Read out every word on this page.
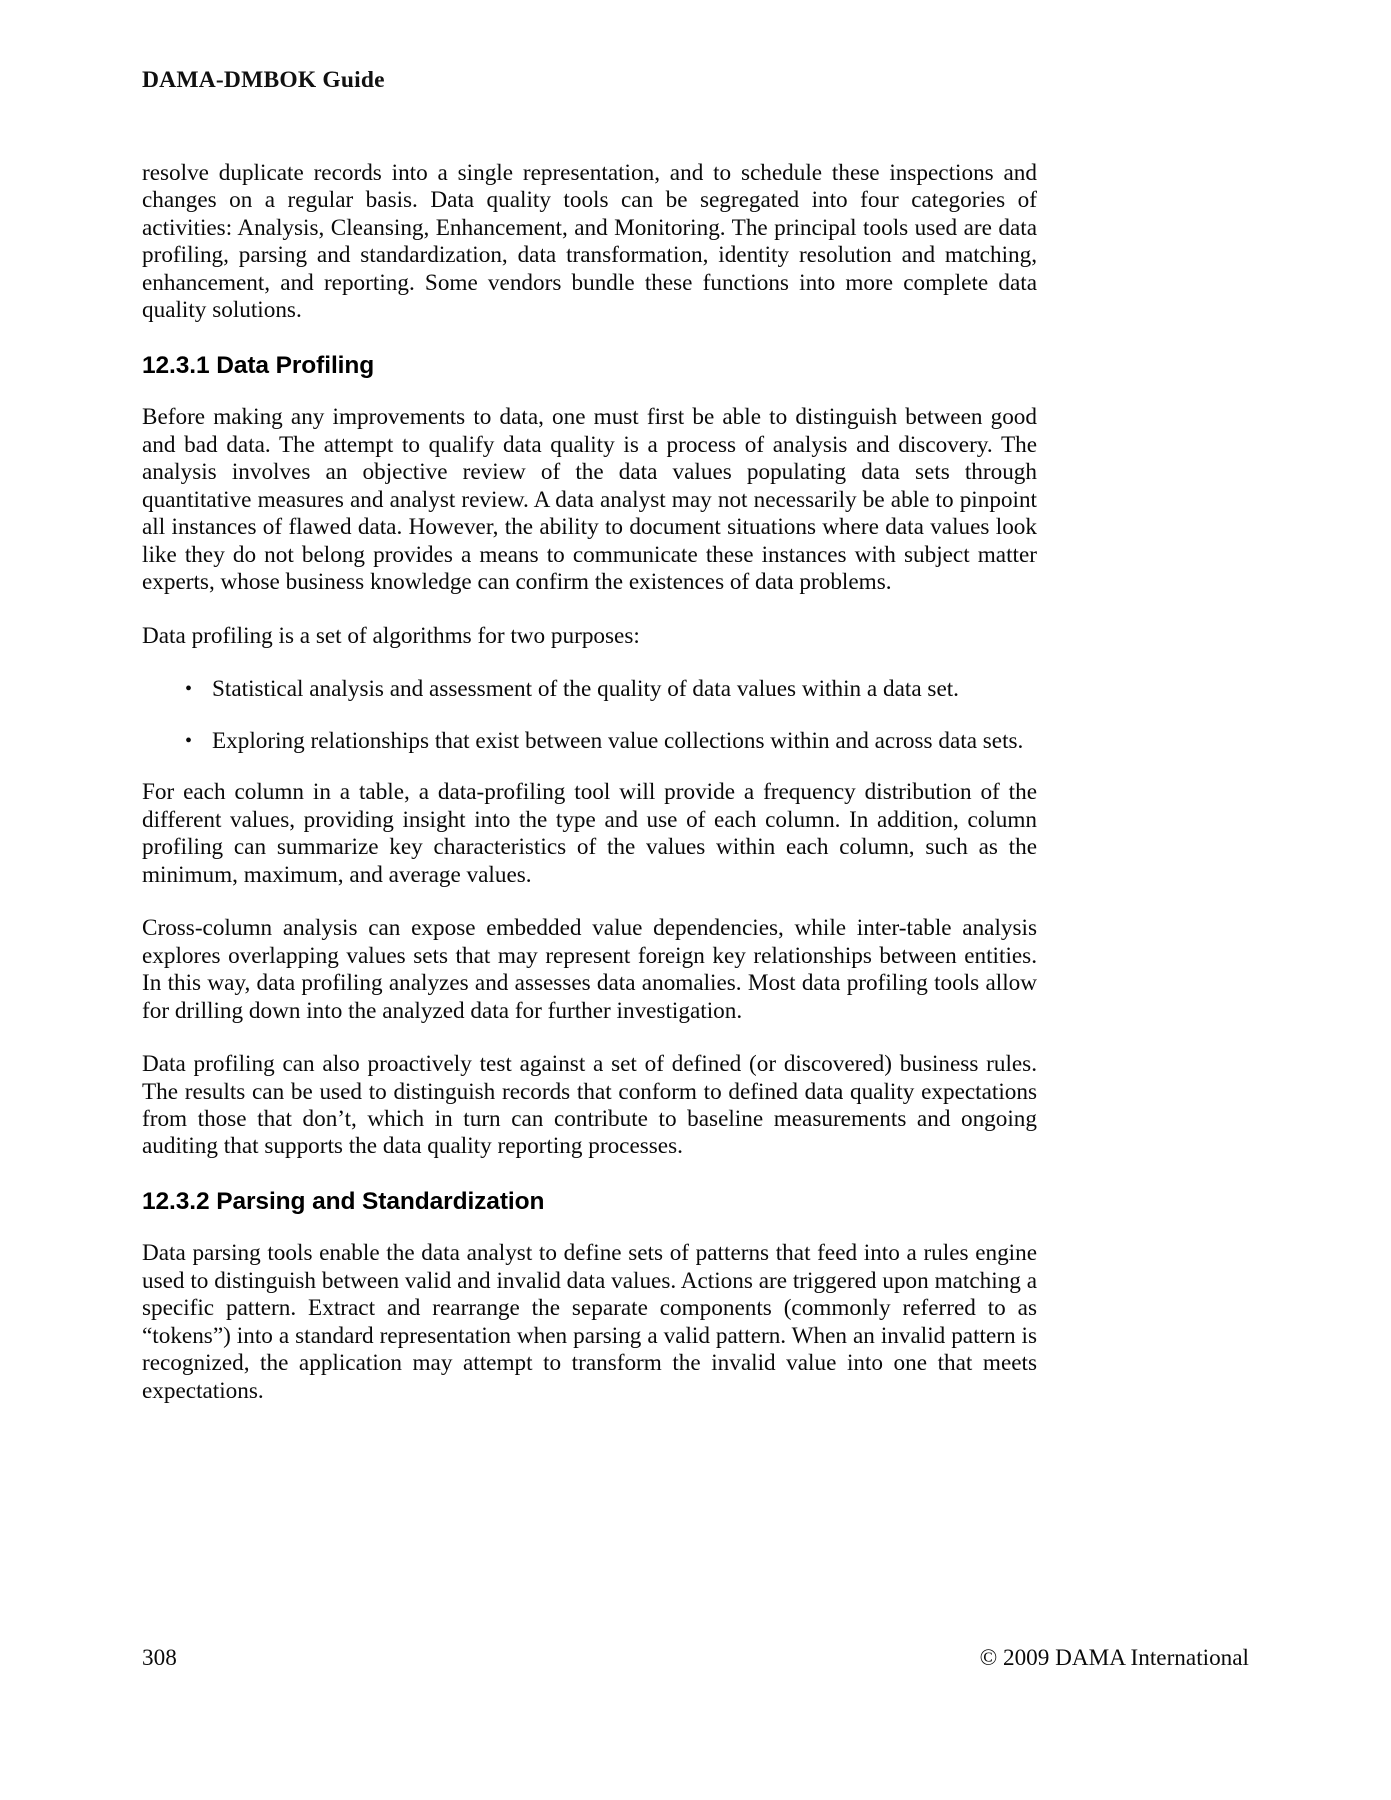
DAMA-DMBOK Guide

resolve duplicate records into a single representation, and to schedule these inspections and changes on a regular basis. Data quality tools can be segregated into four categories of activities: Analysis, Cleansing, Enhancement, and Monitoring. The principal tools used are data profiling, parsing and standardization, data transformation, identity resolution and matching, enhancement, and reporting. Some vendors bundle these functions into more complete data quality solutions.

12.3.1 Data Profiling

Before making any improvements to data, one must first be able to distinguish between good and bad data. The attempt to qualify data quality is a process of analysis and discovery. The analysis involves an objective review of the data values populating data sets through quantitative measures and analyst review. A data analyst may not necessarily be able to pinpoint all instances of flawed data. However, the ability to document situations where data values look like they do not belong provides a means to communicate these instances with subject matter experts, whose business knowledge can confirm the existences of data problems.

Data profiling is a set of algorithms for two purposes:

• Statistical analysis and assessment of the quality of data values within a data set.
• Exploring relationships that exist between value collections within and across data sets.

For each column in a table, a data-profiling tool will provide a frequency distribution of the different values, providing insight into the type and use of each column. In addition, column profiling can summarize key characteristics of the values within each column, such as the minimum, maximum, and average values.

Cross-column analysis can expose embedded value dependencies, while inter-table analysis explores overlapping values sets that may represent foreign key relationships between entities. In this way, data profiling analyzes and assesses data anomalies. Most data profiling tools allow for drilling down into the analyzed data for further investigation.

Data profiling can also proactively test against a set of defined (or discovered) business rules. The results can be used to distinguish records that conform to defined data quality expectations from those that don’t, which in turn can contribute to baseline measurements and ongoing auditing that supports the data quality reporting processes.

12.3.2 Parsing and Standardization

Data parsing tools enable the data analyst to define sets of patterns that feed into a rules engine used to distinguish between valid and invalid data values. Actions are triggered upon matching a specific pattern. Extract and rearrange the separate components (commonly referred to as “tokens”) into a standard representation when parsing a valid pattern. When an invalid pattern is recognized, the application may attempt to transform the invalid value into one that meets expectations.

308	© 2009 DAMA International
